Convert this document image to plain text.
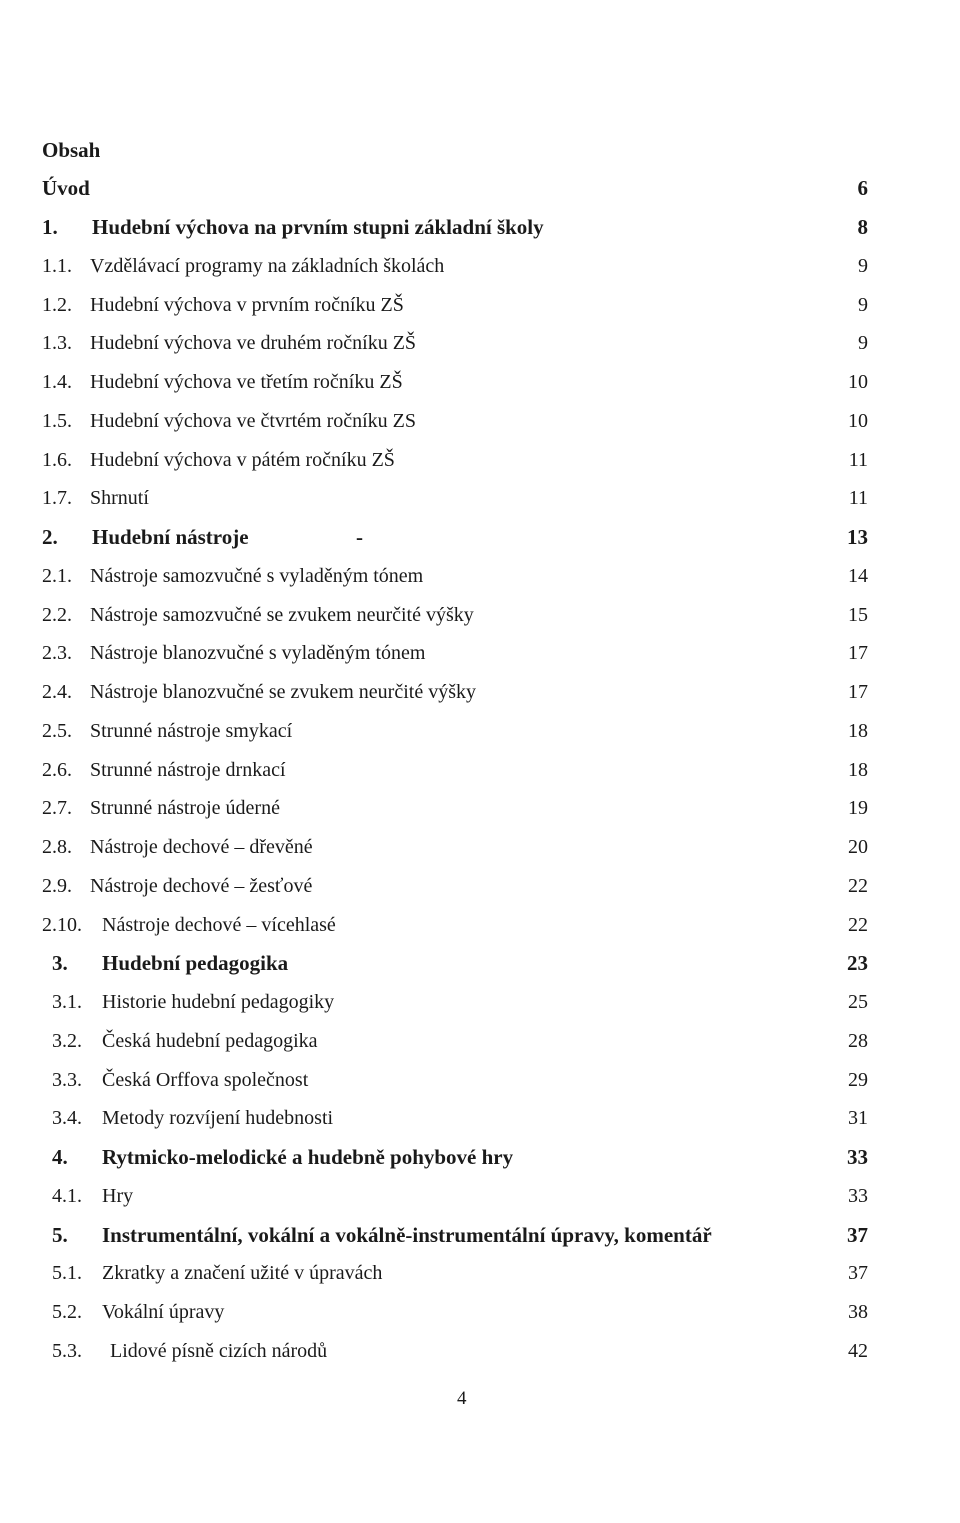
Obsah
Úvod	6
1. Hudební výchova na prvním stupni základní školy	8
1.1. Vzdělávací programy na základních školách	9
1.2. Hudební výchova v prvním ročníku ZŠ	9
1.3. Hudební výchova ve druhém ročníku ZŠ	9
1.4. Hudební výchova ve třetím ročníku ZŠ	10
1.5. Hudební výchova ve čtvrtém ročníku ZS	10
1.6. Hudební výchova v pátém ročníku ZŠ	11
1.7. Shrnutí	11
2. Hudební nástroje	13
-
2.1. Nástroje samozvučné s vyladěným tónem	14
2.2. Nástroje samozvučné se zvukem neurčité výšky	15
2.3. Nástroje blanozvučné s vyladěným tónem	17
2.4. Nástroje blanozvučné se zvukem neurčité výšky	17
2.5. Strunné nástroje smykací	18
2.6. Strunné nástroje drnkací	18
2.7. Strunné nástroje úderné	19
2.8. Nástroje dechové – dřevěné	20
2.9. Nástroje dechové – žesťové	22
2.10. Nástroje dechové – vícehlasé	22
3. Hudební pedagogika	23
3.1. Historie hudební pedagogiky	25
3.2. Česká hudební pedagogika	28
3.3. Česká Orffova společnost	29
3.4. Metody rozvíjení hudebnosti	31
4. Rytmicko-melodické a hudebně pohybové hry	33
4.1. Hry	33
5. Instrumentální, vokální a vokálně-instrumentální úpravy, komentář	37
5.1. Zkratky a značení užité v úpravách	37
5.2. Vokální úpravy	38
5.3. Lidové písně cizích národů	42
4
